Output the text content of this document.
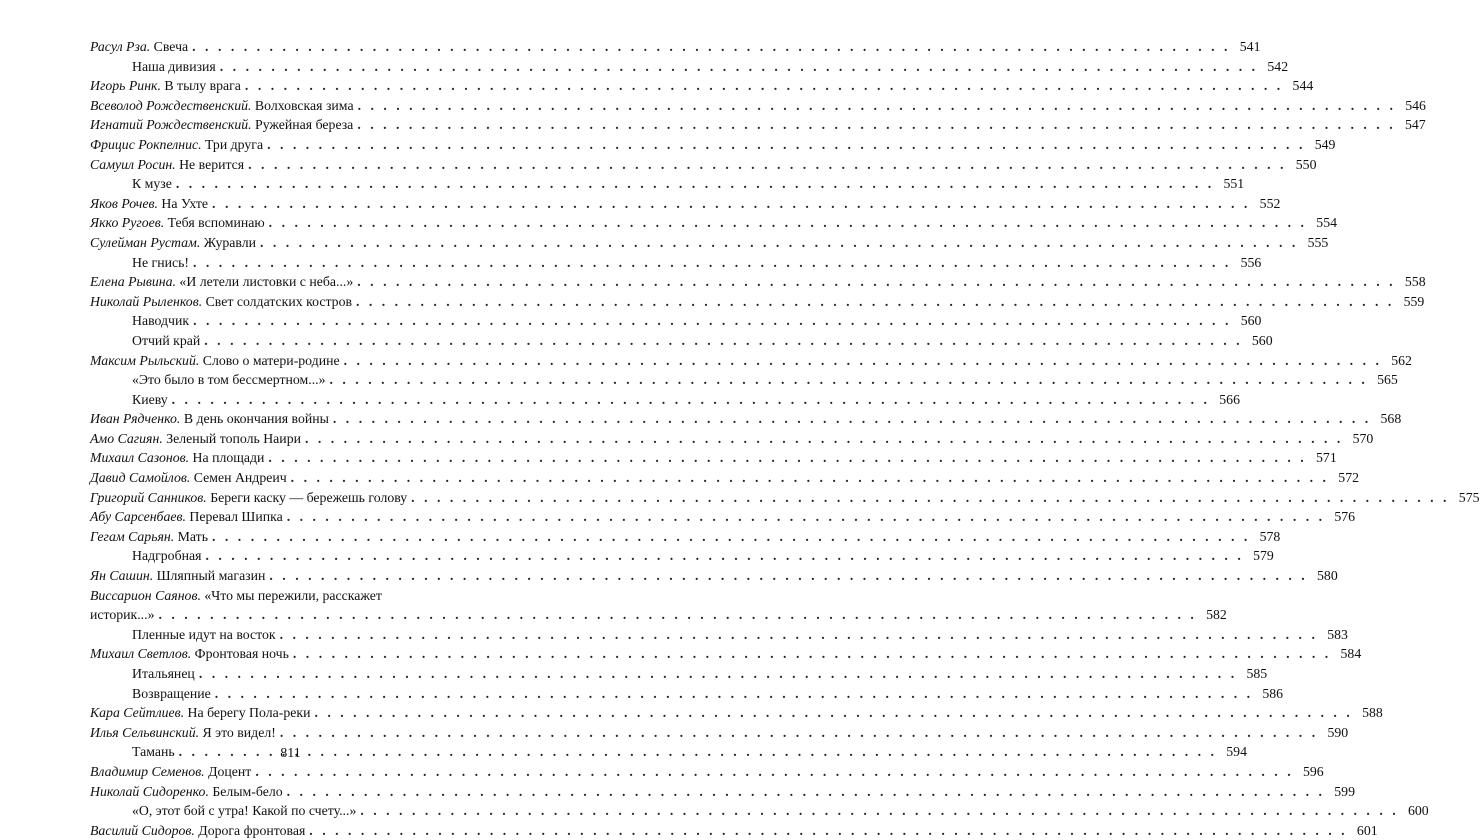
Расул Рза. Свеча . . .	541
Наша дивизия . . .	542
Игорь Ринк. В тылу врага . . .	544
Всеволод Рождественский. Волховская зима . . .	546
Игнатий Рождественский. Ружейная береза . . .	547
Фрицис Рокпелнис. Три друга . . .	549
Самуил Росин. Не верится . . .	550
К музе . . .	551
Яков Рочев. На Ухте . . .	552
Якко Ругоев. Тебя вспоминаю . . .	554
Сулейман Рустам. Журавли . . .	555
Не гнись! . . .	556
Елена Рывина. «И летели листовки с неба...» . . .	558
Николай Рыленков. Свет солдатских костров . . .	559
Наводчик . . .	560
Отчий край . . .	560
Максим Рыльский. Слово о матери-родине . . .	562
«Это было в том бессмертном...» . . .	565
Киеву . . .	566
Иван Рядченко. В день окончания войны . . .	568
Амо Сагиян. Зеленый тополь Наири . . .	570
Михаил Сазонов. На площади . . .	571
Давид Самойлов. Семен Андреич . . .	572
Григорий Санников. Береги каску — бережешь голову . . .	575
Абу Сарсенбаев. Перевал Шипка . . .	576
Гегам Сарьян. Мать . . .	578
Надгробная . . .	579
Ян Сашин. Шляпный магазин . . .	580
Виссарион Саянов. «Что мы пережили, расскажет
историк...» . . .	582
Пленные идут на восток . . .	583
Михаил Светлов. Фронтовая ночь . . .	584
Итальянец . . .	585
Возвращение . . .	586
Кара Сейтлиев. На берегу Пола-реки . . .	588
Илья Сельвинский. Я это видел! . . .	590
Тамань . . .	594
Владимир Семенов. Доцент . . .	596
Николай Сидоренко. Белым-бело . . .	599
«О, этот бой с утра! Какой по счету...» . . .	600
Василий Сидоров. Дорога фронтовая . . .	601
811
